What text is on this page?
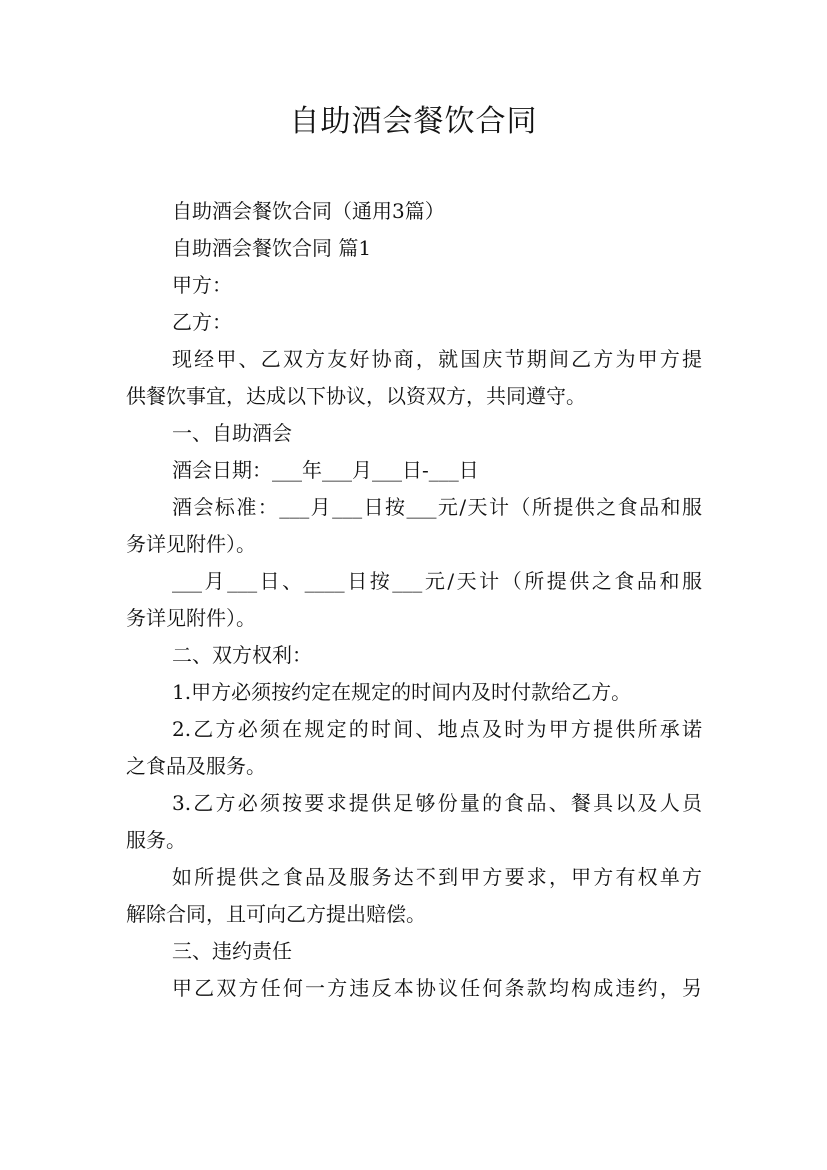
自助酒会餐饮合同

自助酒会餐饮合同（通用3篇）

自助酒会餐饮合同 篇1

甲方：

乙方：

现经甲、乙双方友好协商，就国庆节期间乙方为甲方提

供餐饮事宜，达成以下协议，以资双方，共同遵守。

一、自助酒会

酒会日期：___年___月___日-___日

酒会标准：___月___日按___元/天计（所提供之食品和服

务详见附件）。

___月___日、____日按___元/天计（所提供之食品和服

务详见附件）。

二、双方权利：

1.甲方必须按约定在规定的时间内及时付款给乙方。

2.乙方必须在规定的时间、地点及时为甲方提供所承诺

之食品及服务。

3.乙方必须按要求提供足够份量的食品、餐具以及人员

服务。

如所提供之食品及服务达不到甲方要求，甲方有权单方

解除合同，且可向乙方提出赔偿。

三、违约责任

甲乙双方任何一方违反本协议任何条款均构成违约，另
